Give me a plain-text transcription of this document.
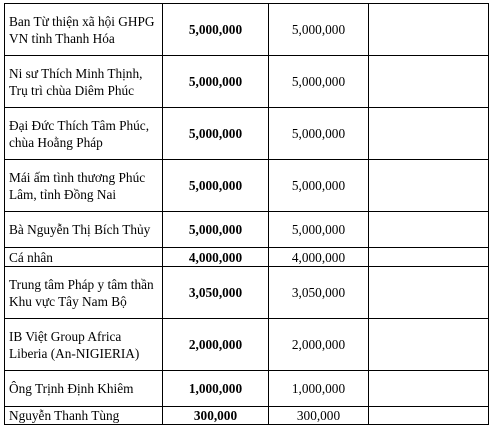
Ban Từ thiện xã hội GHPG VN tỉnh Thanh Hóa	5,000,000	5,000,000	
Ni sư Thích Minh Thịnh, Trụ trì chùa Diêm Phúc	5,000,000	5,000,000	
Đại Đức Thích Tâm Phúc, chùa Hoằng Pháp	5,000,000	5,000,000	
Mái ấm tình thương Phúc Lâm, tỉnh Đồng Nai	5,000,000	5,000,000	
Bà Nguyễn Thị Bích Thủy	5,000,000	5,000,000	
Cá nhân	4,000,000	4,000,000	
Trung tâm Pháp y tâm thần Khu vực Tây Nam Bộ	3,050,000	3,050,000	
IB Việt Group Africa Liberia (An-NIGIERIA)	2,000,000	2,000,000	
Ông Trịnh Định Khiêm	1,000,000	1,000,000	
Nguyễn Thanh Tùng	300,000	300,000	
